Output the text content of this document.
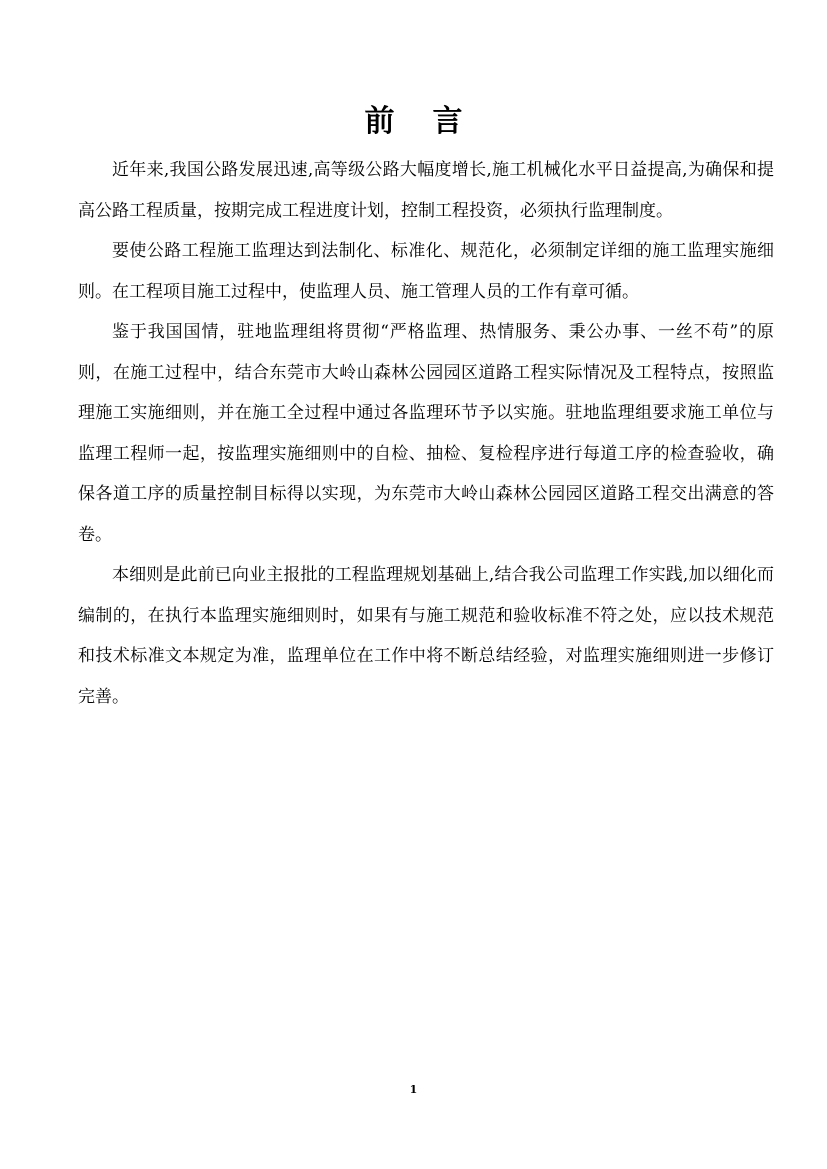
前言

近年来,我国公路发展迅速,高等级公路大幅度增长,施工机械化水平日益提高,为确保和提高公路工程质量，按期完成工程进度计划，控制工程投资，必须执行监理制度。

要使公路工程施工监理达到法制化、标准化、规范化，必须制定详细的施工监理实施细则。在工程项目施工过程中，使监理人员、施工管理人员的工作有章可循。

鉴于我国国情，驻地监理组将贯彻“严格监理、热情服务、秉公办事、一丝不苟”的原则，在施工过程中，结合东莞市大岭山森林公园园区道路工程实际情况及工程特点，按照监理施工实施细则，并在施工全过程中通过各监理环节予以实施。驻地监理组要求施工单位与监理工程师一起，按监理实施细则中的自检、抽检、复检程序进行每道工序的检查验收，确保各道工序的质量控制目标得以实现，为东莞市大岭山森林公园园区道路工程交出满意的答卷。

本细则是此前已向业主报批的工程监理规划基础上,结合我公司监理工作实践,加以细化而编制的，在执行本监理实施细则时，如果有与施工规范和验收标准不符之处，应以技术规范和技术标准文本规定为准，监理单位在工作中将不断总结经验，对监理实施细则进一步修订完善。

1
